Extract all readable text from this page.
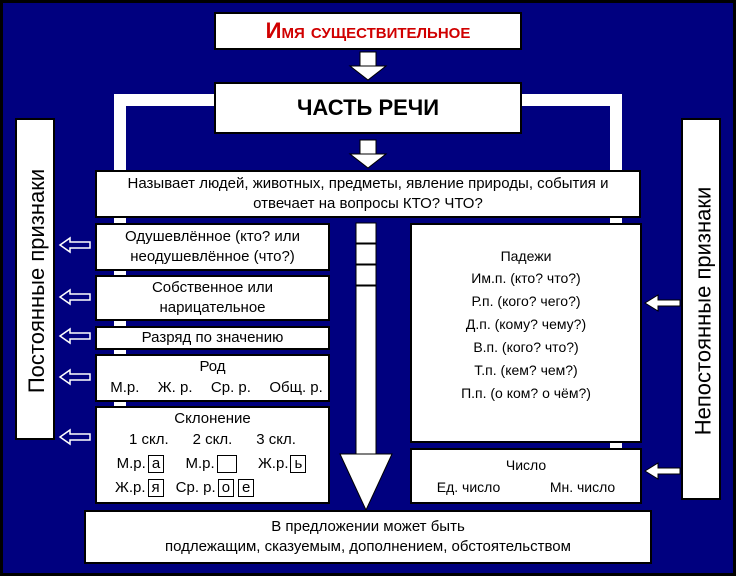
Имя существительное
ЧАСТЬ РЕЧИ
Постоянные признаки	Непостоянные признаки
Называет людей, животных, предметы, явление природы, события и
отвечает на вопросы КТО? ЧТО?
Одушевлённое (кто? или
неодушевлённое (что?)
Собственное или
нарицательное
Разряд по значению
Род
М.р. Ж. р. Ср. р. Общ. р.
Склонение
1 скл. 2 скл. 3 скл.
М.р. а	М.р.	Ж.р. ь
Ж.р. я	Ср. р. о е
Падежи
Им.п. (кто? что?)
Р.п. (кого? чего?)
Д.п. (кому? чему?)
В.п. (кого? что?)
Т.п. (кем? чем?)
П.п. (о ком? о чём?)
Число
Ед. число	Мн. число
В предложении может быть
подлежащим, сказуемым, дополнением, обстоятельством
